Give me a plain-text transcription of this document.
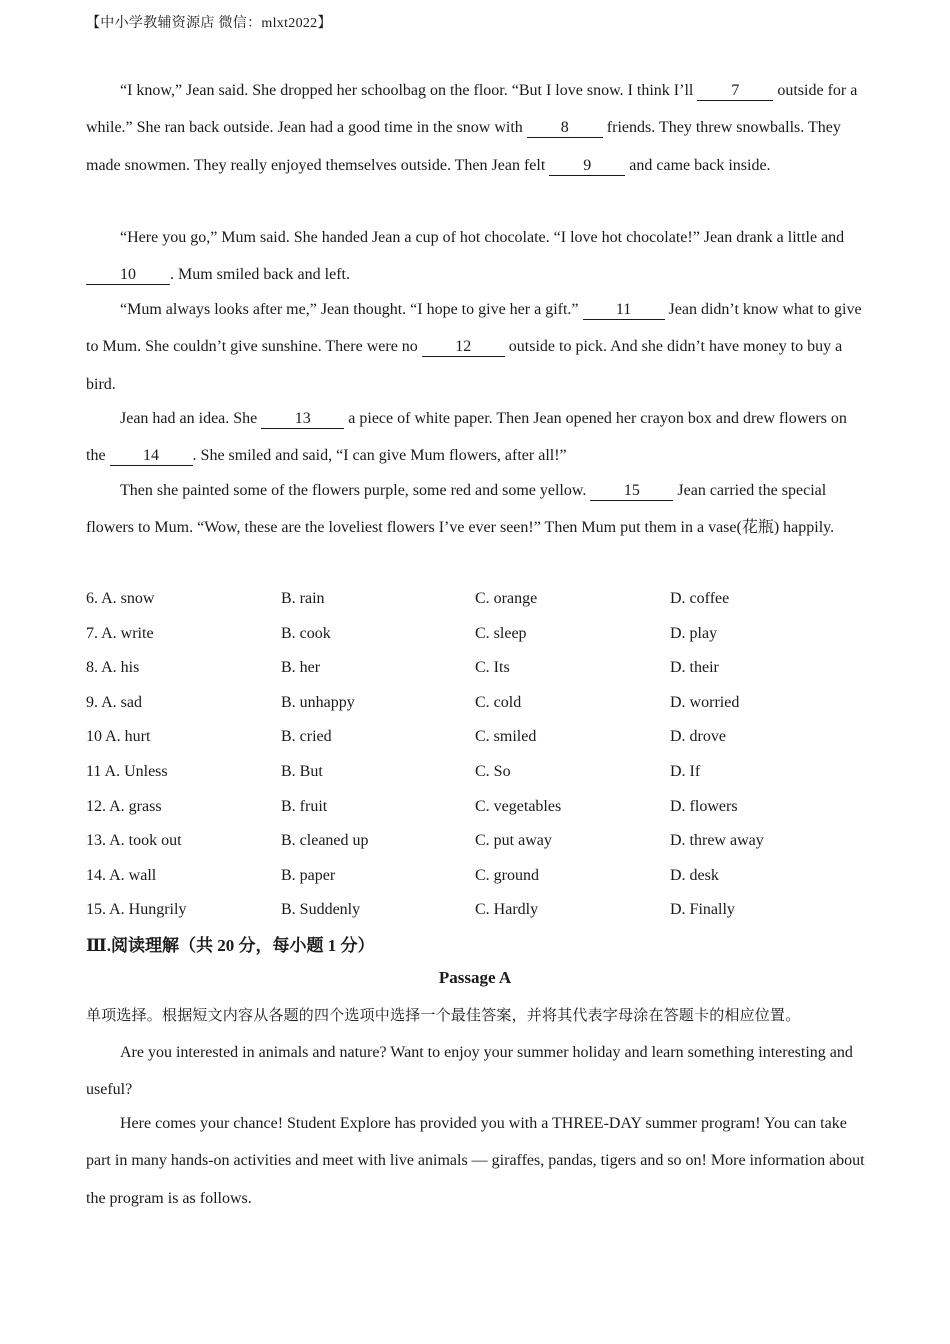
【中小学教辅资源店 微信：mlxt2022】

“I know,” Jean said. She dropped her schoolbag on the floor. “But I love snow. I think I’ll 7 outside for a while.” She ran back outside. Jean had a good time in the snow with 8 friends. They threw snowballs. They made snowmen. They really enjoyed themselves outside. Then Jean felt 9 and came back inside.

“Here you go,” Mum said. She handed Jean a cup of hot chocolate. “I love hot chocolate!” Jean drank a little and 10 . Mum smiled back and left.

“Mum always looks after me,” Jean thought. “I hope to give her a gift.” 11 Jean didn’t know what to give to Mum. She couldn’t give sunshine. There were no 12 outside to pick. And she didn’t have money to buy a bird.

Jean had an idea. She 13 a piece of white paper. Then Jean opened her crayon box and drew flowers on the 14 . She smiled and said, “I can give Mum flowers, after all!”

Then she painted some of the flowers purple, some red and some yellow. 15 Jean carried the special flowers to Mum. “Wow, these are the loveliest flowers I’ve ever seen!” Then Mum put them in a vase(花瓶) happily.

6. A. snow	B. rain	C. orange	D. coffee
7. A. write	B. cook	C. sleep	D. play
8. A. his	B. her	C. Its	D. their
9. A. sad	B. unhappy	C. cold	D. worried
10 A. hurt	B. cried	C. smiled	D. drove
11 A. Unless	B. But	C. So	D. If
12. A. grass	B. fruit	C. vegetables	D. flowers
13. A. took out	B. cleaned up	C. put away	D. threw away
14. A. wall	B. paper	C. ground	D. desk
15. A. Hungrily	B. Suddenly	C. Hardly	D. Finally
Ⅲ.阅读理解（共 20 分，每小题 1 分）
Passage A
单项选择。根据短文内容从各题的四个选项中选择一个最佳答案，并将其代表字母涂在答题卡的相应位置。

Are you interested in animals and nature? Want to enjoy your summer holiday and learn something interesting and useful?

Here comes your chance! Student Explore has provided you with a THREE-DAY summer program! You can take part in many hands-on activities and meet with live animals — giraffes, pandas, tigers and so on! More information about the program is as follows.
